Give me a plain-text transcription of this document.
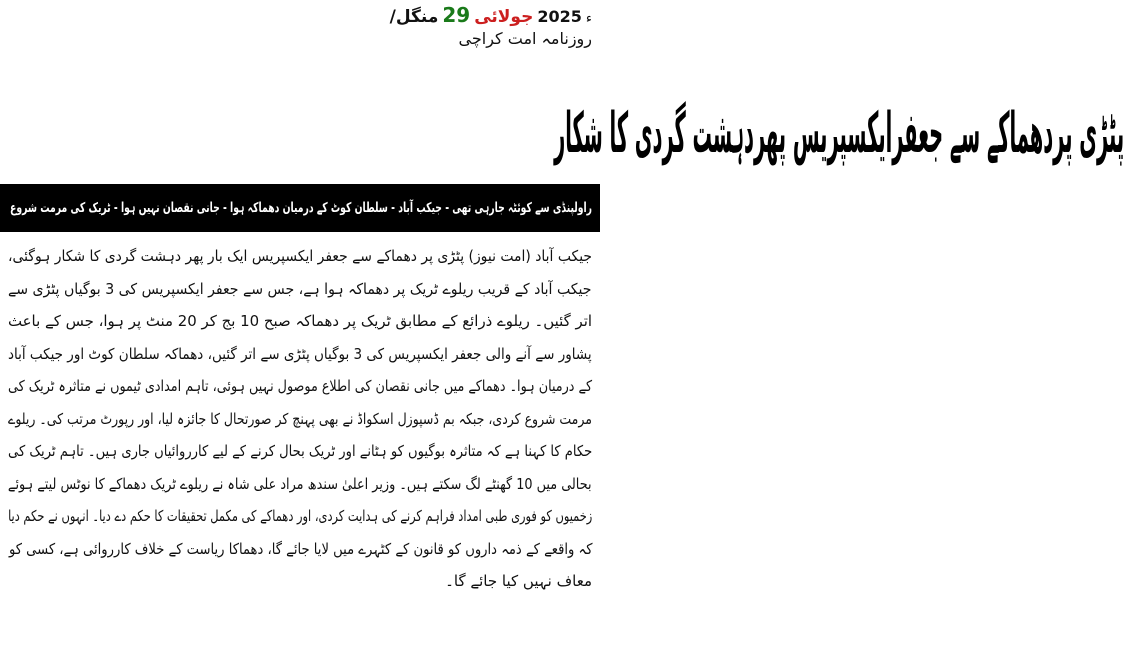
منگل/ 29 جولائی 2025 ء
روزنامہ امت کراچی
پٹڑی پردھماکے سے جعفرایکسپریس پھردہشت گردی کا شکار
راولپنڈی سے کوئٹہ جارہی تھی - جیکب آباد - سلطان کوٹ کے درمیان دھماکہ ہوا - جانی نقصان نہیں ہوا - ٹریک کی مرمت شروع
جیکب آباد (امت نیوز) پٹڑی پر دھماکے سے جعفر ایکسپریس ایک بار پھر دہشت گردی کا شکار ہوگئی،
جیکب آباد کے قریب ریلوے ٹریک پر دھماکہ ہوا ہے، جس سے جعفر ایکسپریس کی 3 بوگیاں پٹڑی سے
اتر گئیں۔ ریلوے ذرائع کے مطابق ٹریک پر دھماکہ صبح 10 بج کر 20 منٹ پر ہوا، جس کے باعث
پشاور سے آنے والی جعفر ایکسپریس کی 3 بوگیاں پٹڑی سے اتر گئیں، دھماکہ سلطان کوٹ اور جیکب آباد
کے درمیان ہوا۔ دھماکے میں جانی نقصان کی اطلاع موصول نہیں ہوئی، تاہم امدادی ٹیموں نے متاثرہ ٹریک کی
مرمت شروع کردی، جبکہ بم ڈسپوزل اسکواڈ نے بھی پہنچ کر صورتحال کا جائزہ لیا، اور رپورٹ مرتب کی۔ ریلوے
حکام کا کہنا ہے کہ متاثرہ بوگیوں کو ہٹانے اور ٹریک بحال کرنے کے لیے کارروائیاں جاری ہیں۔ تاہم ٹریک کی
بحالی میں 10 گھنٹے لگ سکتے ہیں۔ وزیر اعلیٰ سندھ مراد علی شاہ نے ریلوے ٹریک دھماکے کا نوٹس لیتے ہوئے
زخمیوں کو فوری طبی امداد فراہم کرنے کی ہدایت کردی، اور دھماکے کی مکمل تحقیقات کا حکم دے دیا۔ انہوں نے حکم دیا
کہ واقعے کے ذمہ داروں کو قانون کے کٹہرے میں لایا جائے گا، دھماکا ریاست کے خلاف کارروائی ہے، کسی کو
معاف نہیں کیا جائے گا۔
